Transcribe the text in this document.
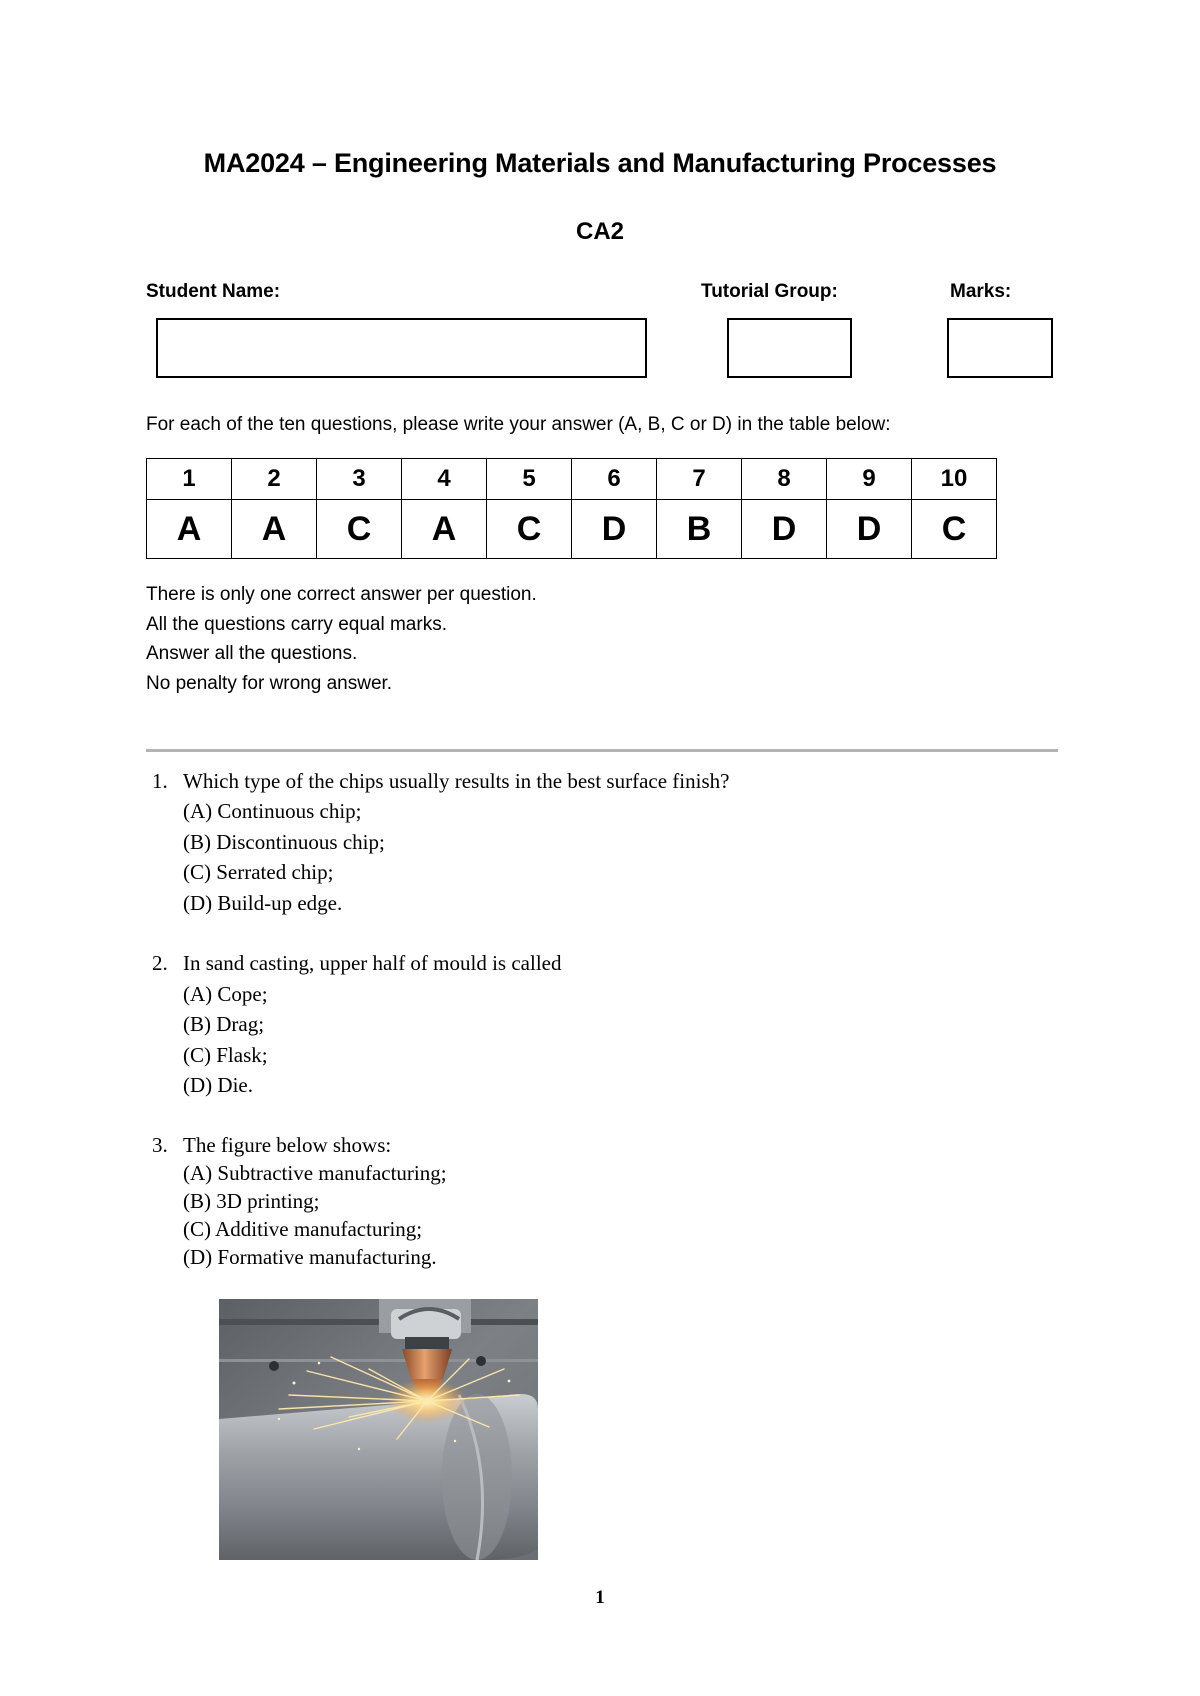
MA2024 – Engineering Materials and Manufacturing Processes
CA2
Student Name:	Tutorial Group:	Marks:
For each of the ten questions, please write your answer (A, B, C or D) in the table below:
1	2	3	4	5	6	7	8	9	10
A	A	C	A	C	D	B	D	D	C
There is only one correct answer per question.
All the questions carry equal marks.
Answer all the questions.
No penalty for wrong answer.
1. Which type of the chips usually results in the best surface finish?
(A) Continuous chip;
(B) Discontinuous chip;
(C) Serrated chip;
(D) Build-up edge.
2. In sand casting, upper half of mould is called
(A) Cope;
(B) Drag;
(C) Flask;
(D) Die.
3. The figure below shows:
(A) Subtractive manufacturing;
(B) 3D printing;
(C) Additive manufacturing;
(D) Formative manufacturing.
1
